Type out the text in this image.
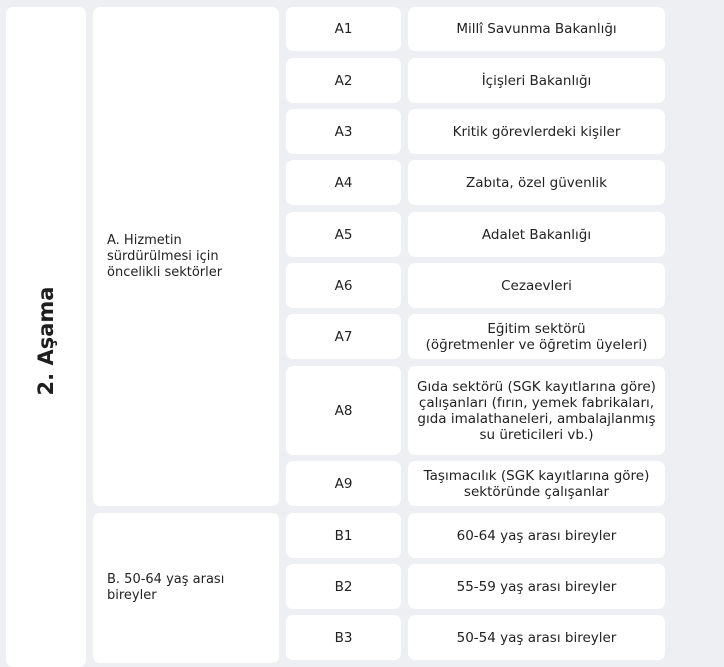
2. Aşama
A. Hizmetin sürdürülmesi için öncelikli sektörler
B. 50-64 yaş arası bireyler
A1	Millî Savunma Bakanlığı
A2	İçişleri Bakanlığı
A3	Kritik görevlerdeki kişiler
A4	Zabıta, özel güvenlik
A5	Adalet Bakanlığı
A6	Cezaevleri
A7	Eğitim sektörü
(öğretmenler ve öğretim üyeleri)
A8
Gıda sektörü (SGK kayıtlarına göre)
çalışanları (fırın, yemek fabrikaları,
gıda imalathaneleri, ambalajlanmış
su üreticileri vb.)
A9	Taşımacılık (SGK kayıtlarına göre)
sektöründe çalışanlar
B1	60-64 yaş arası bireyler
B2	55-59 yaş arası bireyler
B3	50-54 yaş arası bireyler
